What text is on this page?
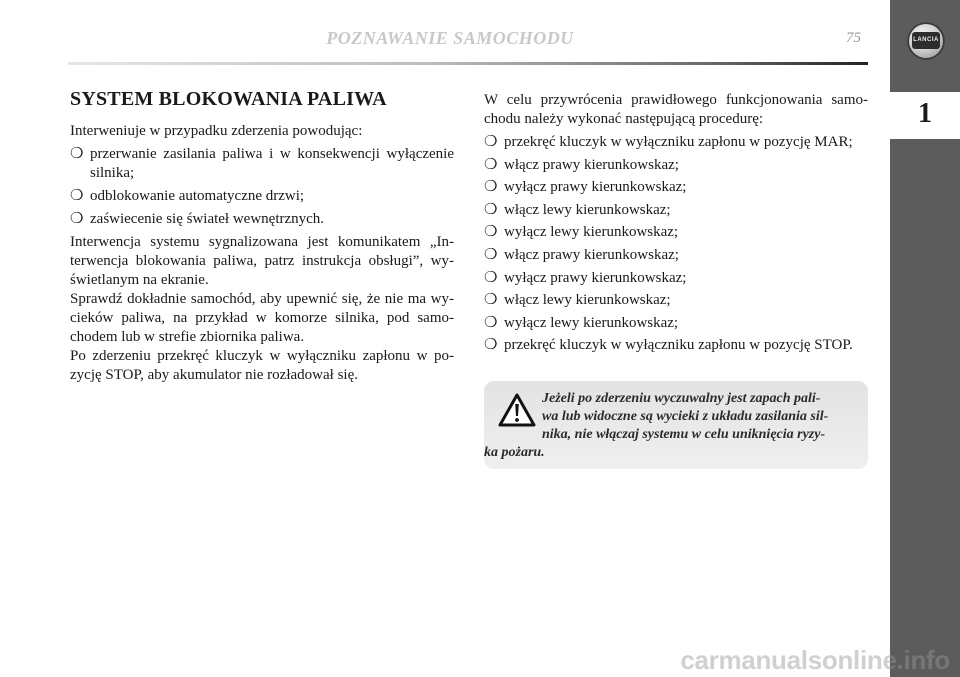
POZNAWANIE SAMOCHODU	75	LANCIA
1
SYSTEM BLOKOWANIA PALIWA

Interweniuje w przypadku zderzenia powodując:

❍ przerwanie zasilania paliwa i w konsekwencji wyłączenie silnika;
❍ odblokowanie automatyczne drzwi;
❍ zaświecenie się świateł wewnętrznych.

Interwencja systemu sygnalizowana jest komunikatem „In-terwencja blokowania paliwa, patrz instrukcja obsługi”, wy-świetlanym na ekranie.

Sprawdź dokładnie samochód, aby upewnić się, że nie ma wy-cieków paliwa, na przykład w komorze silnika, pod samo-chodem lub w strefie zbiornika paliwa.

Po zderzeniu przekręć kluczyk w wyłączniku zapłonu w po-zycję STOP, aby akumulator nie rozładował się.

W celu przywrócenia prawidłowego funkcjonowania samo-chodu należy wykonać następującą procedurę:

❍ przekręć kluczyk w wyłączniku zapłonu w pozycję MAR;
❍ włącz prawy kierunkowskaz;
❍ wyłącz prawy kierunkowskaz;
❍ włącz lewy kierunkowskaz;
❍ wyłącz lewy kierunkowskaz;
❍ włącz prawy kierunkowskaz;
❍ wyłącz prawy kierunkowskaz;
❍ włącz lewy kierunkowskaz;
❍ wyłącz lewy kierunkowskaz;
❍ przekręć kluczyk w wyłączniku zapłonu w pozycję STOP.
Jeżeli po zderzeniu wyczuwalny jest zapach pali-
wa lub widoczne są wycieki z układu zasilania sil-
nika, nie włączaj systemu w celu uniknięcia ryzy-
ka pożaru.
carmanualsonline.info
